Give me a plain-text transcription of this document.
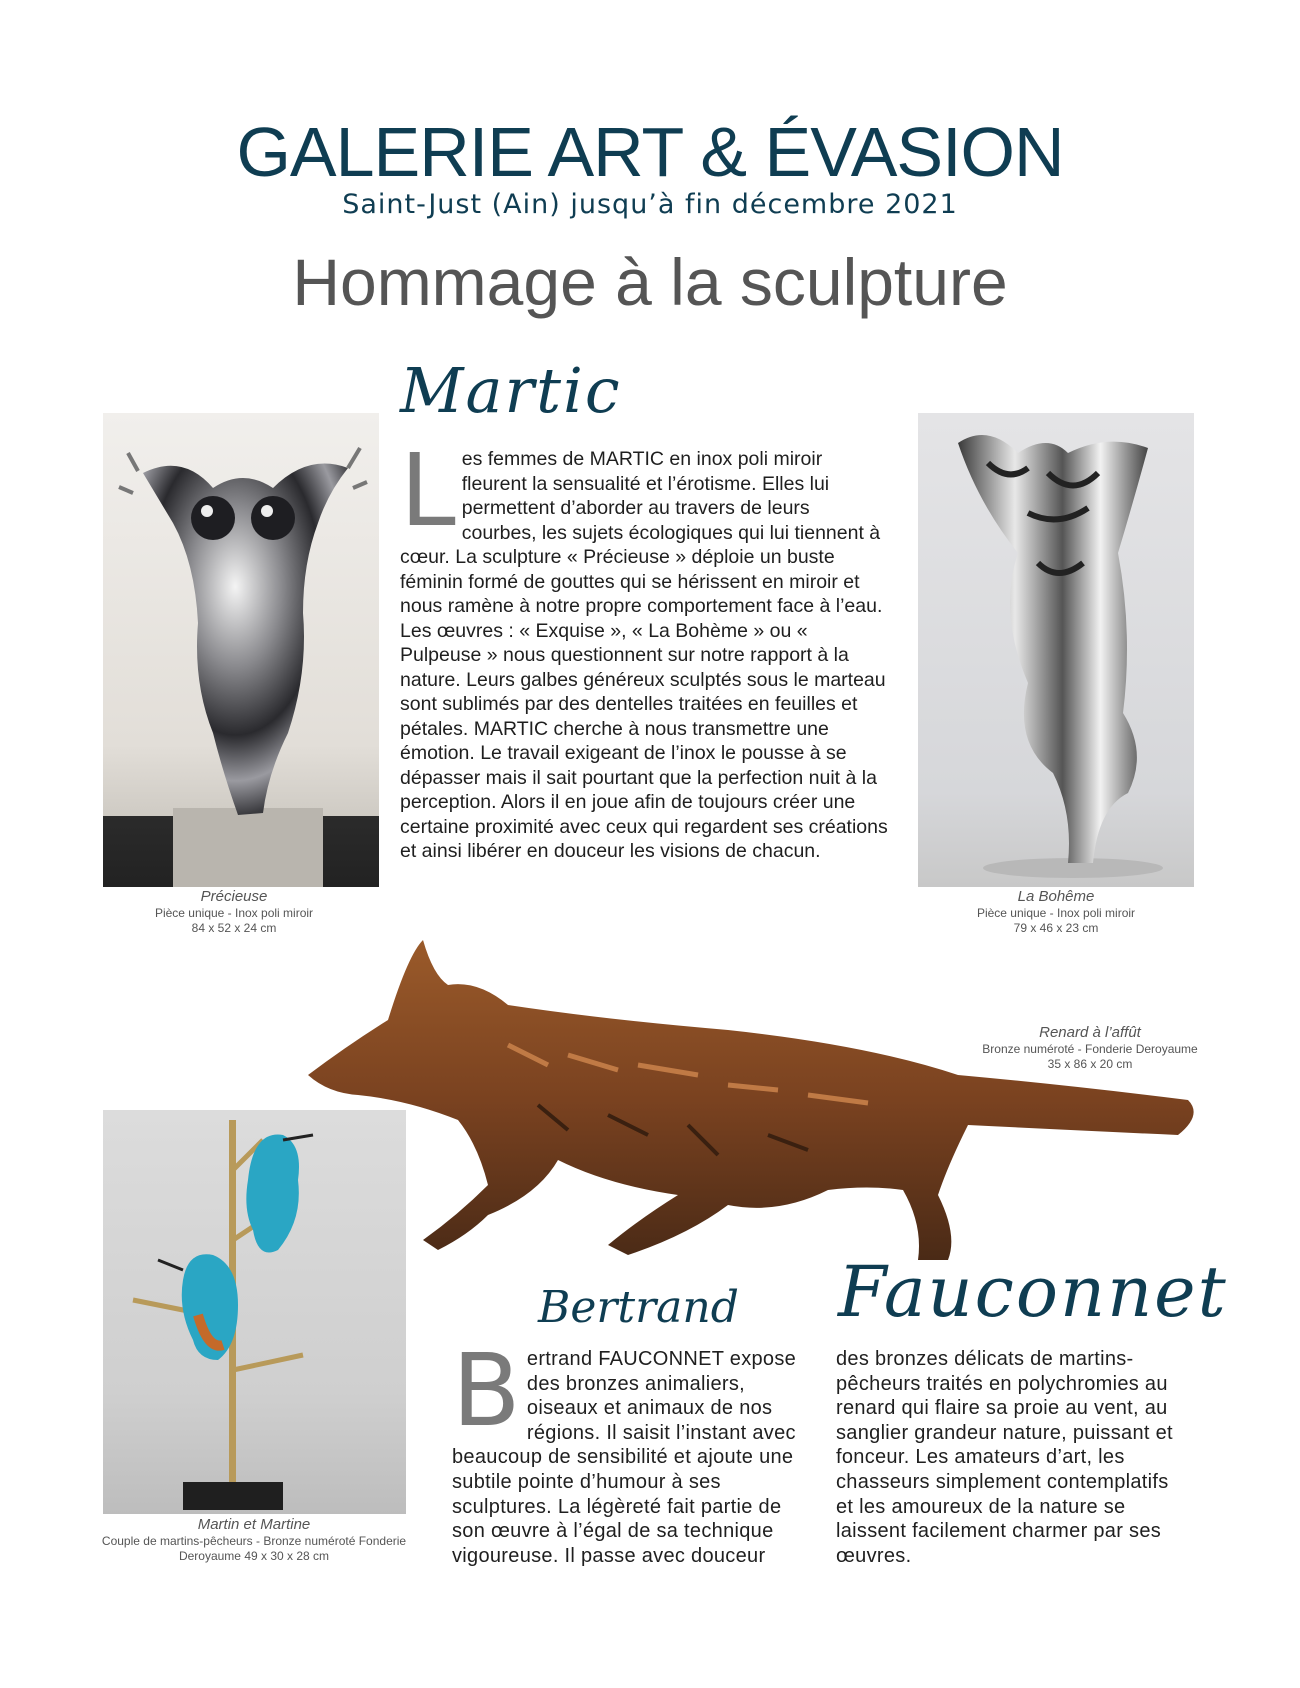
GALERIE ART & ÉVASION
Saint-Just (Ain) jusqu’à fin décembre 2021
Hommage à la sculpture
Martic

Les femmes de MARTIC en inox poli miroir fleurent la sensualité et l’érotisme. Elles lui permettent d’aborder au travers de leurs courbes, les sujets écologiques qui lui tiennent à cœur. La sculpture « Précieuse » déploie un buste féminin formé de gouttes qui se hérissent en miroir et nous ramène à notre propre comportement face à l’eau.

Les œuvres : « Exquise », « La Bohème » ou « Pulpeuse » nous questionnent sur notre rapport à la nature. Leurs galbes généreux sculptés sous le marteau sont sublimés par des dentelles traitées en feuilles et pétales. MARTIC cherche à nous transmettre une émotion. Le travail exigeant de l’inox le pousse à se dépasser mais il sait pourtant que la perfection nuit à la perception. Alors il en joue afin de toujours créer une certaine proximité avec ceux qui regardent ses créations et ainsi libérer en douceur les visions de chacun.

Précieuse
Pièce unique - Inox poli miroir
84 x 52 x 24 cm
La Bohême
Pièce unique - Inox poli miroir
79 x 46 x 23 cm
Renard à l’affût
Bronze numéroté - Fonderie Deroyaume
35 x 86 x 20 cm
Martin et Martine
Couple de martins-pêcheurs - Bronze numéroté Fonderie
Deroyaume 49 x 30 x 28 cm
Bertrand Fauconnet

Bertrand FAUCONNET expose des bronzes animaliers, oiseaux et animaux de nos régions. Il saisit l’instant avec beaucoup de sensibilité et ajoute une subtile pointe d’humour à ses sculptures. La légèreté fait partie de son œuvre à l’égal de sa technique vigoureuse. Il passe avec douceur

des bronzes délicats de martins-pêcheurs traités en polychromies au renard qui flaire sa proie au vent, au sanglier grandeur nature, puissant et fonceur. Les amateurs d’art, les chasseurs simplement contemplatifs et les amoureux de la nature se laissent facilement charmer par ses œuvres.
